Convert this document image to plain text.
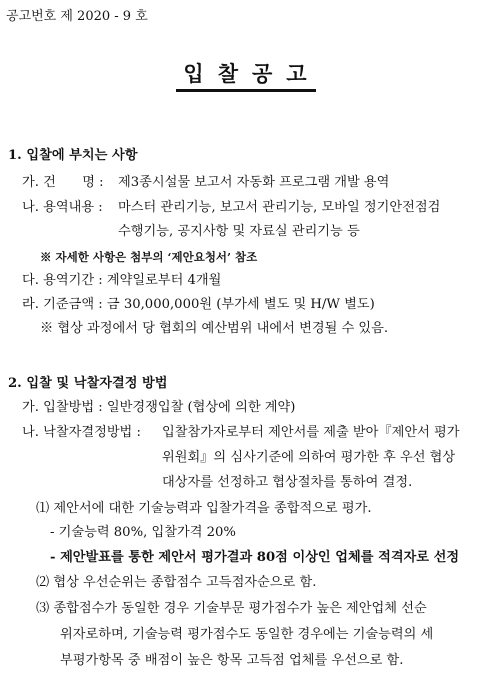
공고번호 제 2020 - 9 호
입찰공고
1. 입찰에 부치는 사항
가. 건　　명 : 제3종시설물 보고서 자동화 프로그램 개발 용역
나. 용역내용 : 마스터 관리기능, 보고서 관리기능, 모바일 정기안전점검
수행기능, 공지사항 및 자료실 관리기능 등
※ 자세한 사항은 첨부의 ‘제안요청서’ 참조
다. 용역기간 : 계약일로부터 4개월
라. 기준금액 : 금 30,000,000원 (부가세 별도 및 H/W 별도)
※ 협상 과정에서 당 협회의 예산범위 내에서 변경될 수 있음.
2. 입찰 및 낙찰자결정 방법
가. 입찰방법 : 일반경쟁입찰 (협상에 의한 계약)
나. 낙찰자결정방법 : 입찰참가자로부터 제안서를 제출 받아『제안서 평가
위원회』의 심사기준에 의하여 평가한 후 우선 협상
대상자를 선정하고 협상절차를 통하여 결정.
⑴ 제안서에 대한 기술능력과 입찰가격을 종합적으로 평가.
- 기술능력 80%, 입찰가격 20%
- 제안발표를 통한 제안서 평가결과 80점 이상인 업체를 적격자로 선정
⑵ 협상 우선순위는 종합점수 고득점자순으로 함.
⑶ 종합점수가 동일한 경우 기술부문 평가점수가 높은 제안업체 선순
위자로하며, 기술능력 평가점수도 동일한 경우에는 기술능력의 세
부평가항목 중 배점이 높은 항목 고득점 업체를 우선으로 함.
